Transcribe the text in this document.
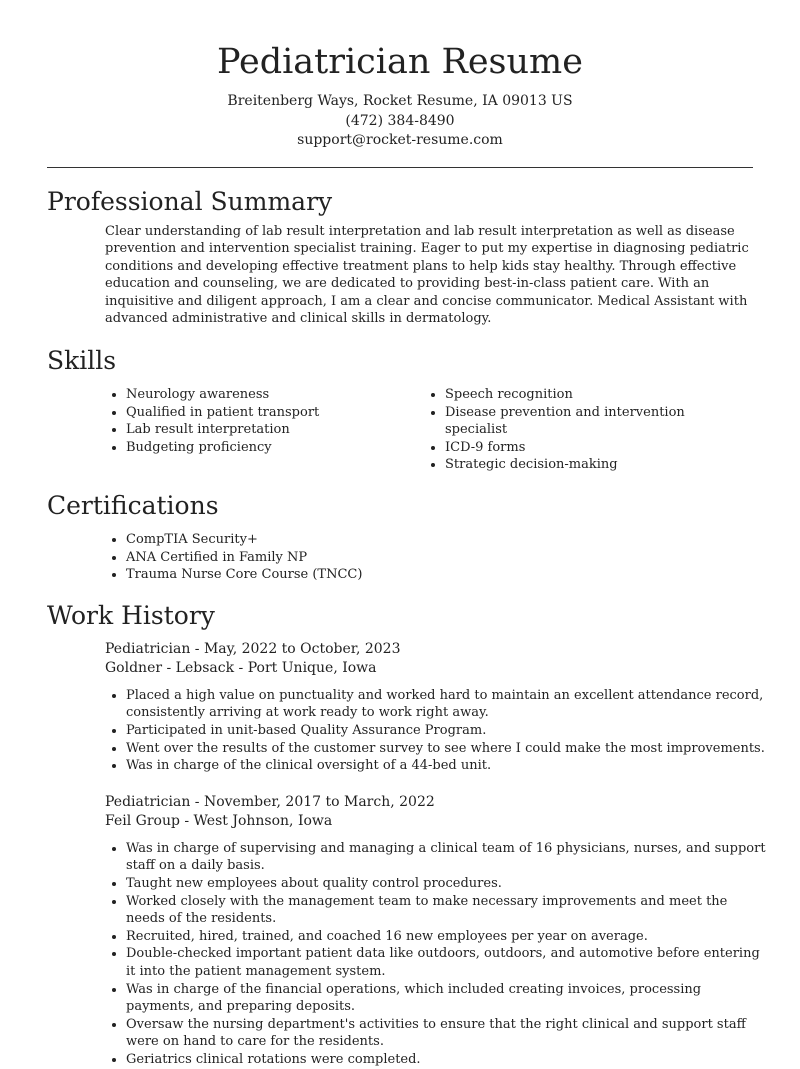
Pediatrician Resume
Breitenberg Ways, Rocket Resume, IA 09013 US
(472) 384-8490
support@rocket-resume.com
Professional Summary

Clear understanding of lab result interpretation and lab result interpretation as well as disease prevention and intervention specialist training. Eager to put my expertise in diagnosing pediatric conditions and developing effective treatment plans to help kids stay healthy. Through effective education and counseling, we are dedicated to providing best-in-class patient care. With an inquisitive and diligent approach, I am a clear and concise communicator. Medical Assistant with advanced administrative and clinical skills in dermatology.

Skills
• Neurology awareness
• Qualified in patient transport
• Lab result interpretation
• Budgeting proficiency
• Speech recognition
• Disease prevention and intervention specialist
• ICD-9 forms
• Strategic decision-making
Certifications
• CompTIA Security+
• ANA Certified in Family NP
• Trauma Nurse Core Course (TNCC)
Work History
Pediatrician - May, 2022 to October, 2023
Goldner - Lebsack - Port Unique, Iowa
• Placed a high value on punctuality and worked hard to maintain an excellent attendance record, consistently arriving at work ready to work right away.
• Participated in unit-based Quality Assurance Program.
• Went over the results of the customer survey to see where I could make the most improvements.
• Was in charge of the clinical oversight of a 44-bed unit.
Pediatrician - November, 2017 to March, 2022
Feil Group - West Johnson, Iowa
• Was in charge of supervising and managing a clinical team of 16 physicians, nurses, and support staff on a daily basis.
• Taught new employees about quality control procedures.
• Worked closely with the management team to make necessary improvements and meet the needs of the residents.
• Recruited, hired, trained, and coached 16 new employees per year on average.
• Double-checked important patient data like outdoors, outdoors, and automotive before entering it into the patient management system.
• Was in charge of the financial operations, which included creating invoices, processing payments, and preparing deposits.
• Oversaw the nursing department's activities to ensure that the right clinical and support staff were on hand to care for the residents.
• Geriatrics clinical rotations were completed.
